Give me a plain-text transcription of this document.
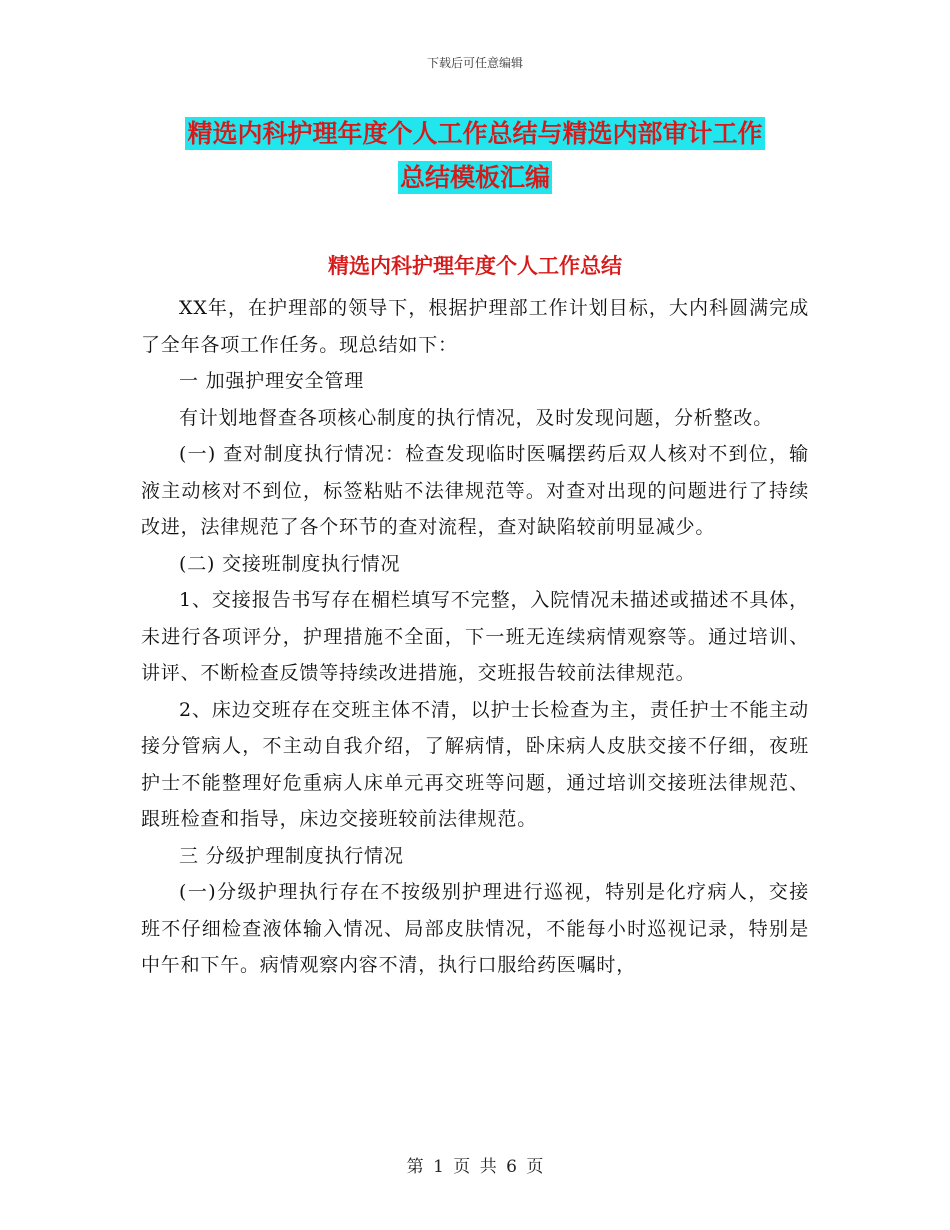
下载后可任意编辑
精选内科护理年度个人工作总结与精选内部审计工作
总结模板汇编
精选内科护理年度个人工作总结

XX年，在护理部的领导下，根据护理部工作计划目标，大内科圆满完成了全年各项工作任务。现总结如下：

一 加强护理安全管理

有计划地督查各项核心制度的执行情况，及时发现问题，分析整改。

(一) 查对制度执行情况：检查发现临时医嘱摆药后双人核对不到位，输液主动核对不到位，标签粘贴不法律规范等。对查对出现的问题进行了持续改进，法律规范了各个环节的查对流程，查对缺陷较前明显减少。

(二) 交接班制度执行情况

1、交接报告书写存在楣栏填写不完整，入院情况未描述或描述不具体，未进行各项评分，护理措施不全面，下一班无连续病情观察等。通过培训、讲评、不断检查反馈等持续改进措施，交班报告较前法律规范。

2、床边交班存在交班主体不清，以护士长检查为主，责任护士不能主动接分管病人，不主动自我介绍，了解病情，卧床病人皮肤交接不仔细，夜班护士不能整理好危重病人床单元再交班等问题，通过培训交接班法律规范、跟班检查和指导，床边交接班较前法律规范。

三 分级护理制度执行情况

(一)分级护理执行存在不按级别护理进行巡视，特别是化疗病人，交接班不仔细检查液体输入情况、局部皮肤情况，不能每小时巡视记录，特别是中午和下午。病情观察内容不清，执行口服给药医嘱时，

第 1 页 共 6 页
